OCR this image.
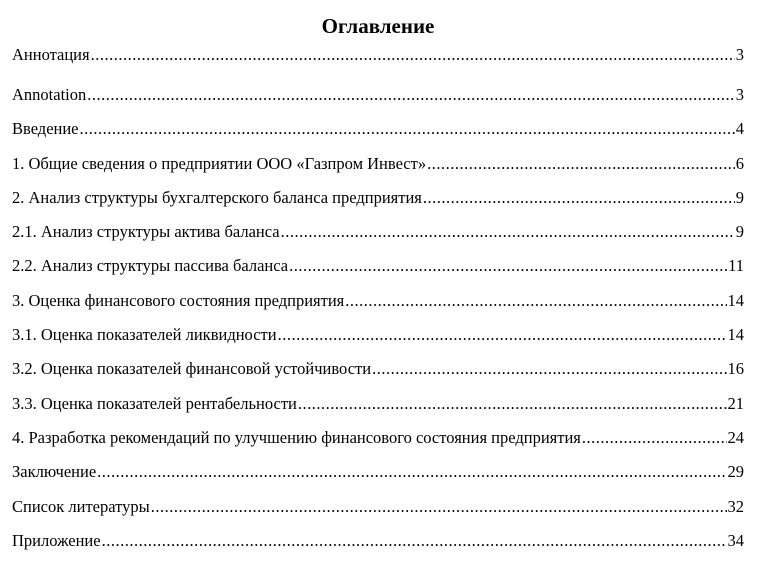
Оглавление
Аннотация .....	3
Annotation .....	3
Введение .....	4
1. Общие сведения о предприятии ООО «Газпром Инвест» .....	6
2. Анализ структуры бухгалтерского баланса предприятия .....	9
2.1. Анализ структуры актива баланса .....	9
2.2. Анализ структуры пассива баланса .....	11
3. Оценка финансового состояния предприятия .....	14
3.1. Оценка показателей ликвидности .....	14
3.2. Оценка показателей финансовой устойчивости .....	16
3.3. Оценка показателей рентабельности .....	21
4. Разработка рекомендаций по улучшению финансового состояния предприятия .....	24
Заключение .....	29
Список литературы .....	32
Приложение .....	34
